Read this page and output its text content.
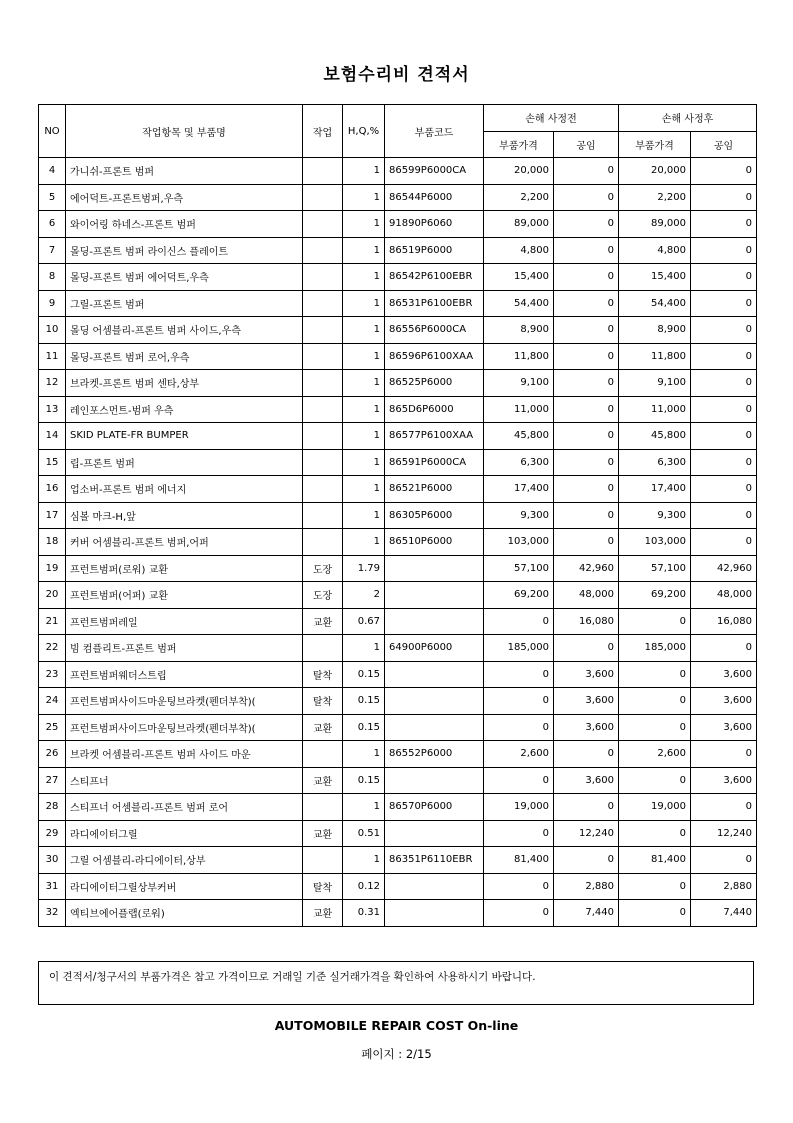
보험수리비 견적서
NO	작업항목 및 부품명	작업	H,Q,%	부품코드	손해 사정전		손해 사정후	
					부품가격	공임	부품가격	공임
4	가니쉬-프론트 범퍼		1	86599P6000CA	20,000	0	20,000	0
5	에어덕트-프론트범퍼,우측		1	86544P6000	2,200	0	2,200	0
6	와이어링 하네스-프론트 범퍼		1	91890P6060	89,000	0	89,000	0
7	몰딩-프론트 범퍼 라이신스 플레이트		1	86519P6000	4,800	0	4,800	0
8	몰딩-프론트 범퍼 에어덕트,우측		1	86542P6100EBR	15,400	0	15,400	0
9	그릴-프론트 범퍼		1	86531P6100EBR	54,400	0	54,400	0
10	몰딩 어셈블리-프론트 범퍼 사이드,우측		1	86556P6000CA	8,900	0	8,900	0
11	몰딩-프론트 범퍼 로어,우측		1	86596P6100XAA	11,800	0	11,800	0
12	브라켓-프론트 범퍼 센타,상부		1	86525P6000	9,100	0	9,100	0
13	레인포스먼트-범퍼 우측		1	865D6P6000	11,000	0	11,000	0
14	SKID PLATE-FR BUMPER		1	86577P6100XAA	45,800	0	45,800	0
15	립-프론트 범퍼		1	86591P6000CA	6,300	0	6,300	0
16	업소버-프론트 범퍼 에너지		1	86521P6000	17,400	0	17,400	0
17	심볼 마크-H,앞		1	86305P6000	9,300	0	9,300	0
18	커버 어셈블리-프론트 범퍼,어퍼		1	86510P6000	103,000	0	103,000	0
19	프런트범퍼(로워) 교환	도장	1.79		57,100	42,960	57,100	42,960
20	프런트범퍼(어퍼) 교환	도장	2		69,200	48,000	69,200	48,000
21	프런트범퍼레일	교환	0.67		0	16,080	0	16,080
22	빔 컴플리트-프론트 범퍼		1	64900P6000	185,000	0	185,000	0
23	프런트범퍼웨더스트립	탈착	0.15		0	3,600	0	3,600
24	프런트범퍼사이드마운팅브라켓(펜더부착)(	탈착	0.15		0	3,600	0	3,600
25	프런트범퍼사이드마운팅브라켓(펜더부착)(	교환	0.15		0	3,600	0	3,600
26	브라켓 어셈블리-프론트 범퍼 사이드 마운		1	86552P6000	2,600	0	2,600	0
27	스티프너	교환	0.15		0	3,600	0	3,600
28	스티프너 어셈블리-프론트 범퍼 로어		1	86570P6000	19,000	0	19,000	0
29	라디에이터그릴	교환	0.51		0	12,240	0	12,240
30	그릴 어셈블리-라디에이터,상부		1	86351P6110EBR	81,400	0	81,400	0
31	라디에이터그릴상부커버	탈착	0.12		0	2,880	0	2,880
32	엑티브에어플랩(로워)	교환	0.31		0	7,440	0	7,440
이 견적서/청구서의 부품가격은 참고 가격이므로 거래일 기준 실거래가격을 확인하여 사용하시기 바랍니다.
AUTOMOBILE REPAIR COST On-line
페이지 : 2/15
